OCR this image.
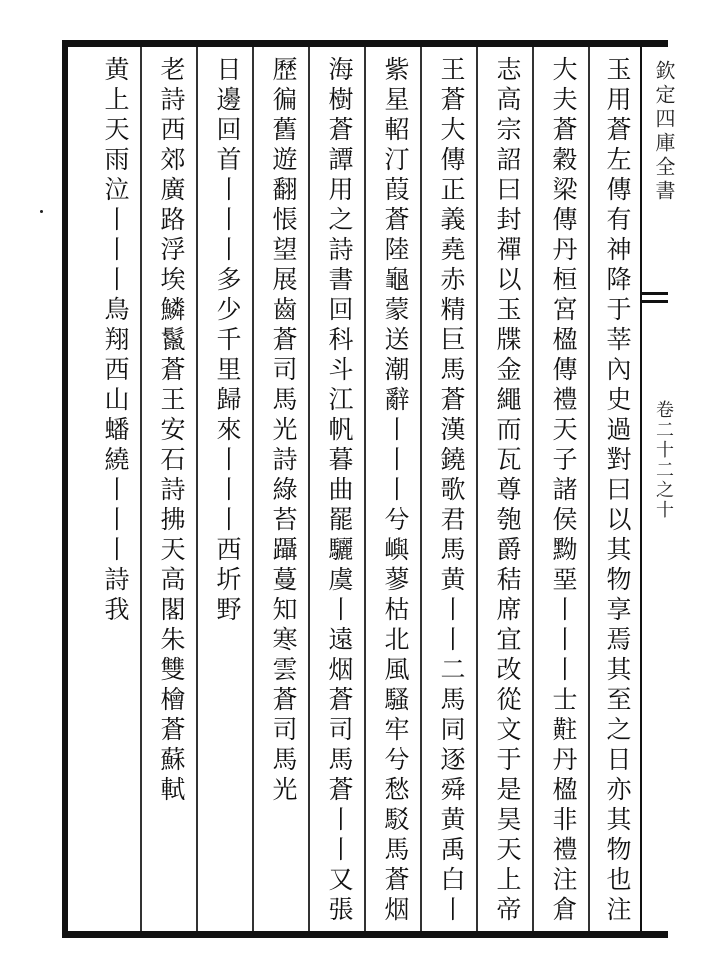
欽定四庫全書
卷二十二之十
玉用蒼左傳有神降于莘內史過對曰以其物享焉其至之日亦其物也注
大夫蒼穀梁傳丹桓宮楹傳禮天子諸侯黝堊丨丨丨士黈丹楹非禮注倉
志高宗詔曰封禪以玉牒金繩而瓦尊匏爵秸席宜改從文于是昊天上帝
王蒼大傳正義堯赤精巨馬蒼漢鐃歌君馬黄丨丨二馬同逐舜黄禹白丨
紫星軺汀葭蒼陸龜蒙送潮辭丨丨丨兮嶼蓼枯北風騷牢兮愁駁馬蒼烟
海樹蒼譚用之詩書回科斗江帆暮曲罷驪虞丨遠烟蒼司馬蒼丨丨又張
歷徧舊遊翻悵望展齒蒼司馬光詩綠苔躡蔓知寒雲蒼司馬光
日邊回首丨丨丨多少千里歸來丨丨丨西圻野
老詩西郊廣路浮埃鱗鬣蒼王安石詩拂天高閣朱雙檜蒼蘇軾
黄上天雨泣丨丨丨鳥翔西山蟠繞丨丨丨詩我
